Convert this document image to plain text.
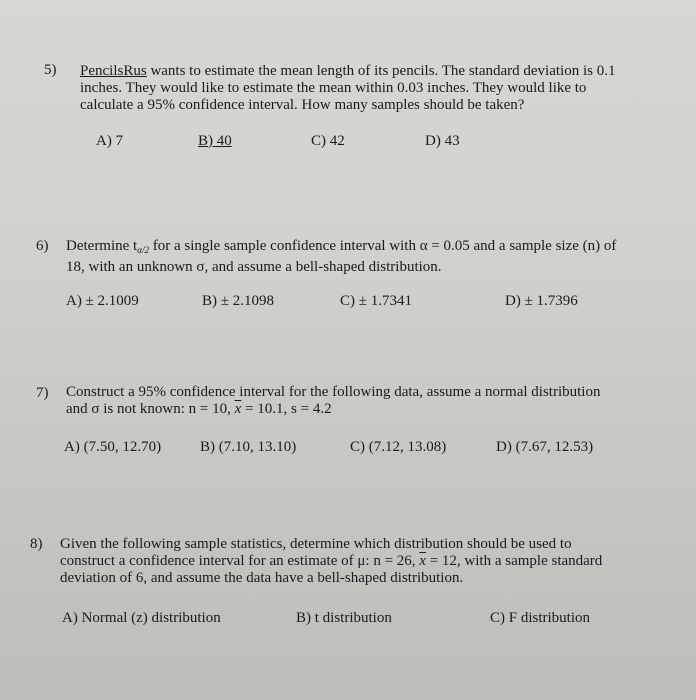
5) PencilsRus wants to estimate the mean length of its pencils. The standard deviation is 0.1
inches. They would like to estimate the mean within 0.03 inches. They would like to
calculate a 95% confidence interval. How many samples should be taken?
A) 7	B) 40	C) 42	D) 43
6) Determine $t_{\alpha/2}$ for a single sample confidence interval with α = 0.05 and a sample size (n) of
18, with an unknown σ, and assume a bell-shaped distribution.
A) ± 2.1009	B) ± 2.1098	C) ± 1.7341	D) ± 1.7396
7) Construct a 95% confidence interval for the following data, assume a normal distribution
and σ is not known: n = 10, $\overline{x} = 10.1$, s = 4.2
A) (7.50, 12.70)	B) (7.10, 13.10)	C) (7.12, 13.08)	D) (7.67, 12.53)
8) Given the following sample statistics, determine which distribution should be used to
construct a confidence interval for an estimate of μ: n = 26, $\overline{x} = 12$, with a sample standard
deviation of 6, and assume the data have a bell-shaped distribution.
A) Normal (z) distribution	B) t distribution	C) F distribution
